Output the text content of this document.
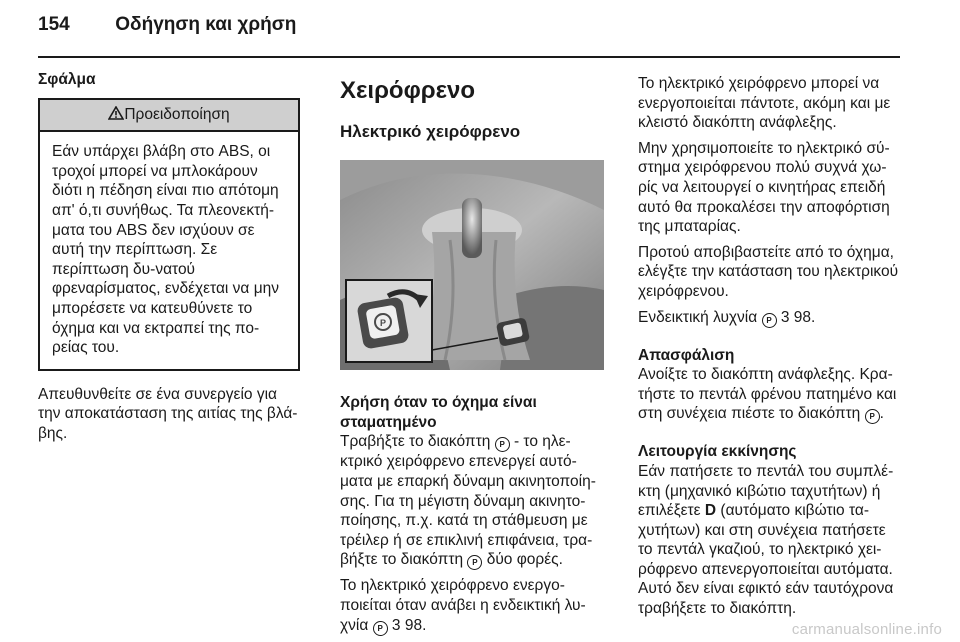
154 Οδήγηση και χρήση
Σφάλμα
Προειδοποίηση
Εάν υπάρχει βλάβη στο ABS, οι τροχοί μπορεί να μπλοκάρουν διότι η πέδηση είναι πιο απότομη απ' ό,τι συνήθως. Τα πλεονεκτή-ματα του ABS δεν ισχύουν σε αυτή την περίπτωση. Σε περίπτωση δυ-νατού φρεναρίσματος, ενδέχεται να μην μπορέσετε να κατευθύνετε το όχημα και να εκτραπεί της πο-ρείας του.
Απευθυνθείτε σε ένα συνεργείο για την αποκατάσταση της αιτίας της βλά-βης.
Χειρόφρενο
Ηλεκτρικό χειρόφρενο
P
Χρήση όταν το όχημα είναι σταματημένο
Τραβήξτε το διακόπτη P - το ηλε-κτρικό χειρόφρενο επενεργεί αυτό-ματα με επαρκή δύναμη ακινητοποίη-σης. Για τη μέγιστη δύναμη ακινητο-ποίησης, π.χ. κατά τη στάθμευση με τρέιλερ ή σε επικλινή επιφάνεια, τρα-βήξτε το διακόπτη P δύο φορές.
Το ηλεκτρικό χειρόφρενο ενεργο-ποιείται όταν ανάβει η ενδεικτική λυ-χνία P 3 98.
Το ηλεκτρικό χειρόφρενο μπορεί να ενεργοποιείται πάντοτε, ακόμη και με κλειστό διακόπτη ανάφλεξης.
Μην χρησιμοποιείτε το ηλεκτρικό σύ-στημα χειρόφρενου πολύ συχνά χω-ρίς να λειτουργεί ο κινητήρας επειδή αυτό θα προκαλέσει την αποφόρτιση της μπαταρίας.
Προτού αποβιβαστείτε από το όχημα, ελέγξτε την κατάσταση του ηλεκτρικού χειρόφρενου.
Ενδεικτική λυχνία P 3 98.
Απασφάλιση
Ανοίξτε το διακόπτη ανάφλεξης. Κρα-τήστε το πεντάλ φρένου πατημένο και στη συνέχεια πιέστε το διακόπτη P .
Λειτουργία εκκίνησης
Εάν πατήσετε το πεντάλ του συμπλέ-κτη (μηχανικό κιβώτιο ταχυτήτων) ή επιλέξετε D (αυτόματο κιβώτιο τα-χυτήτων) και στη συνέχεια πατήσετε το πεντάλ γκαζιού, το ηλεκτρικό χει-ρόφρενο απενεργοποιείται αυτόματα. Αυτό δεν είναι εφικτό εάν ταυτόχρονα τραβήξετε το διακόπτη.
carmanualsonline.info
